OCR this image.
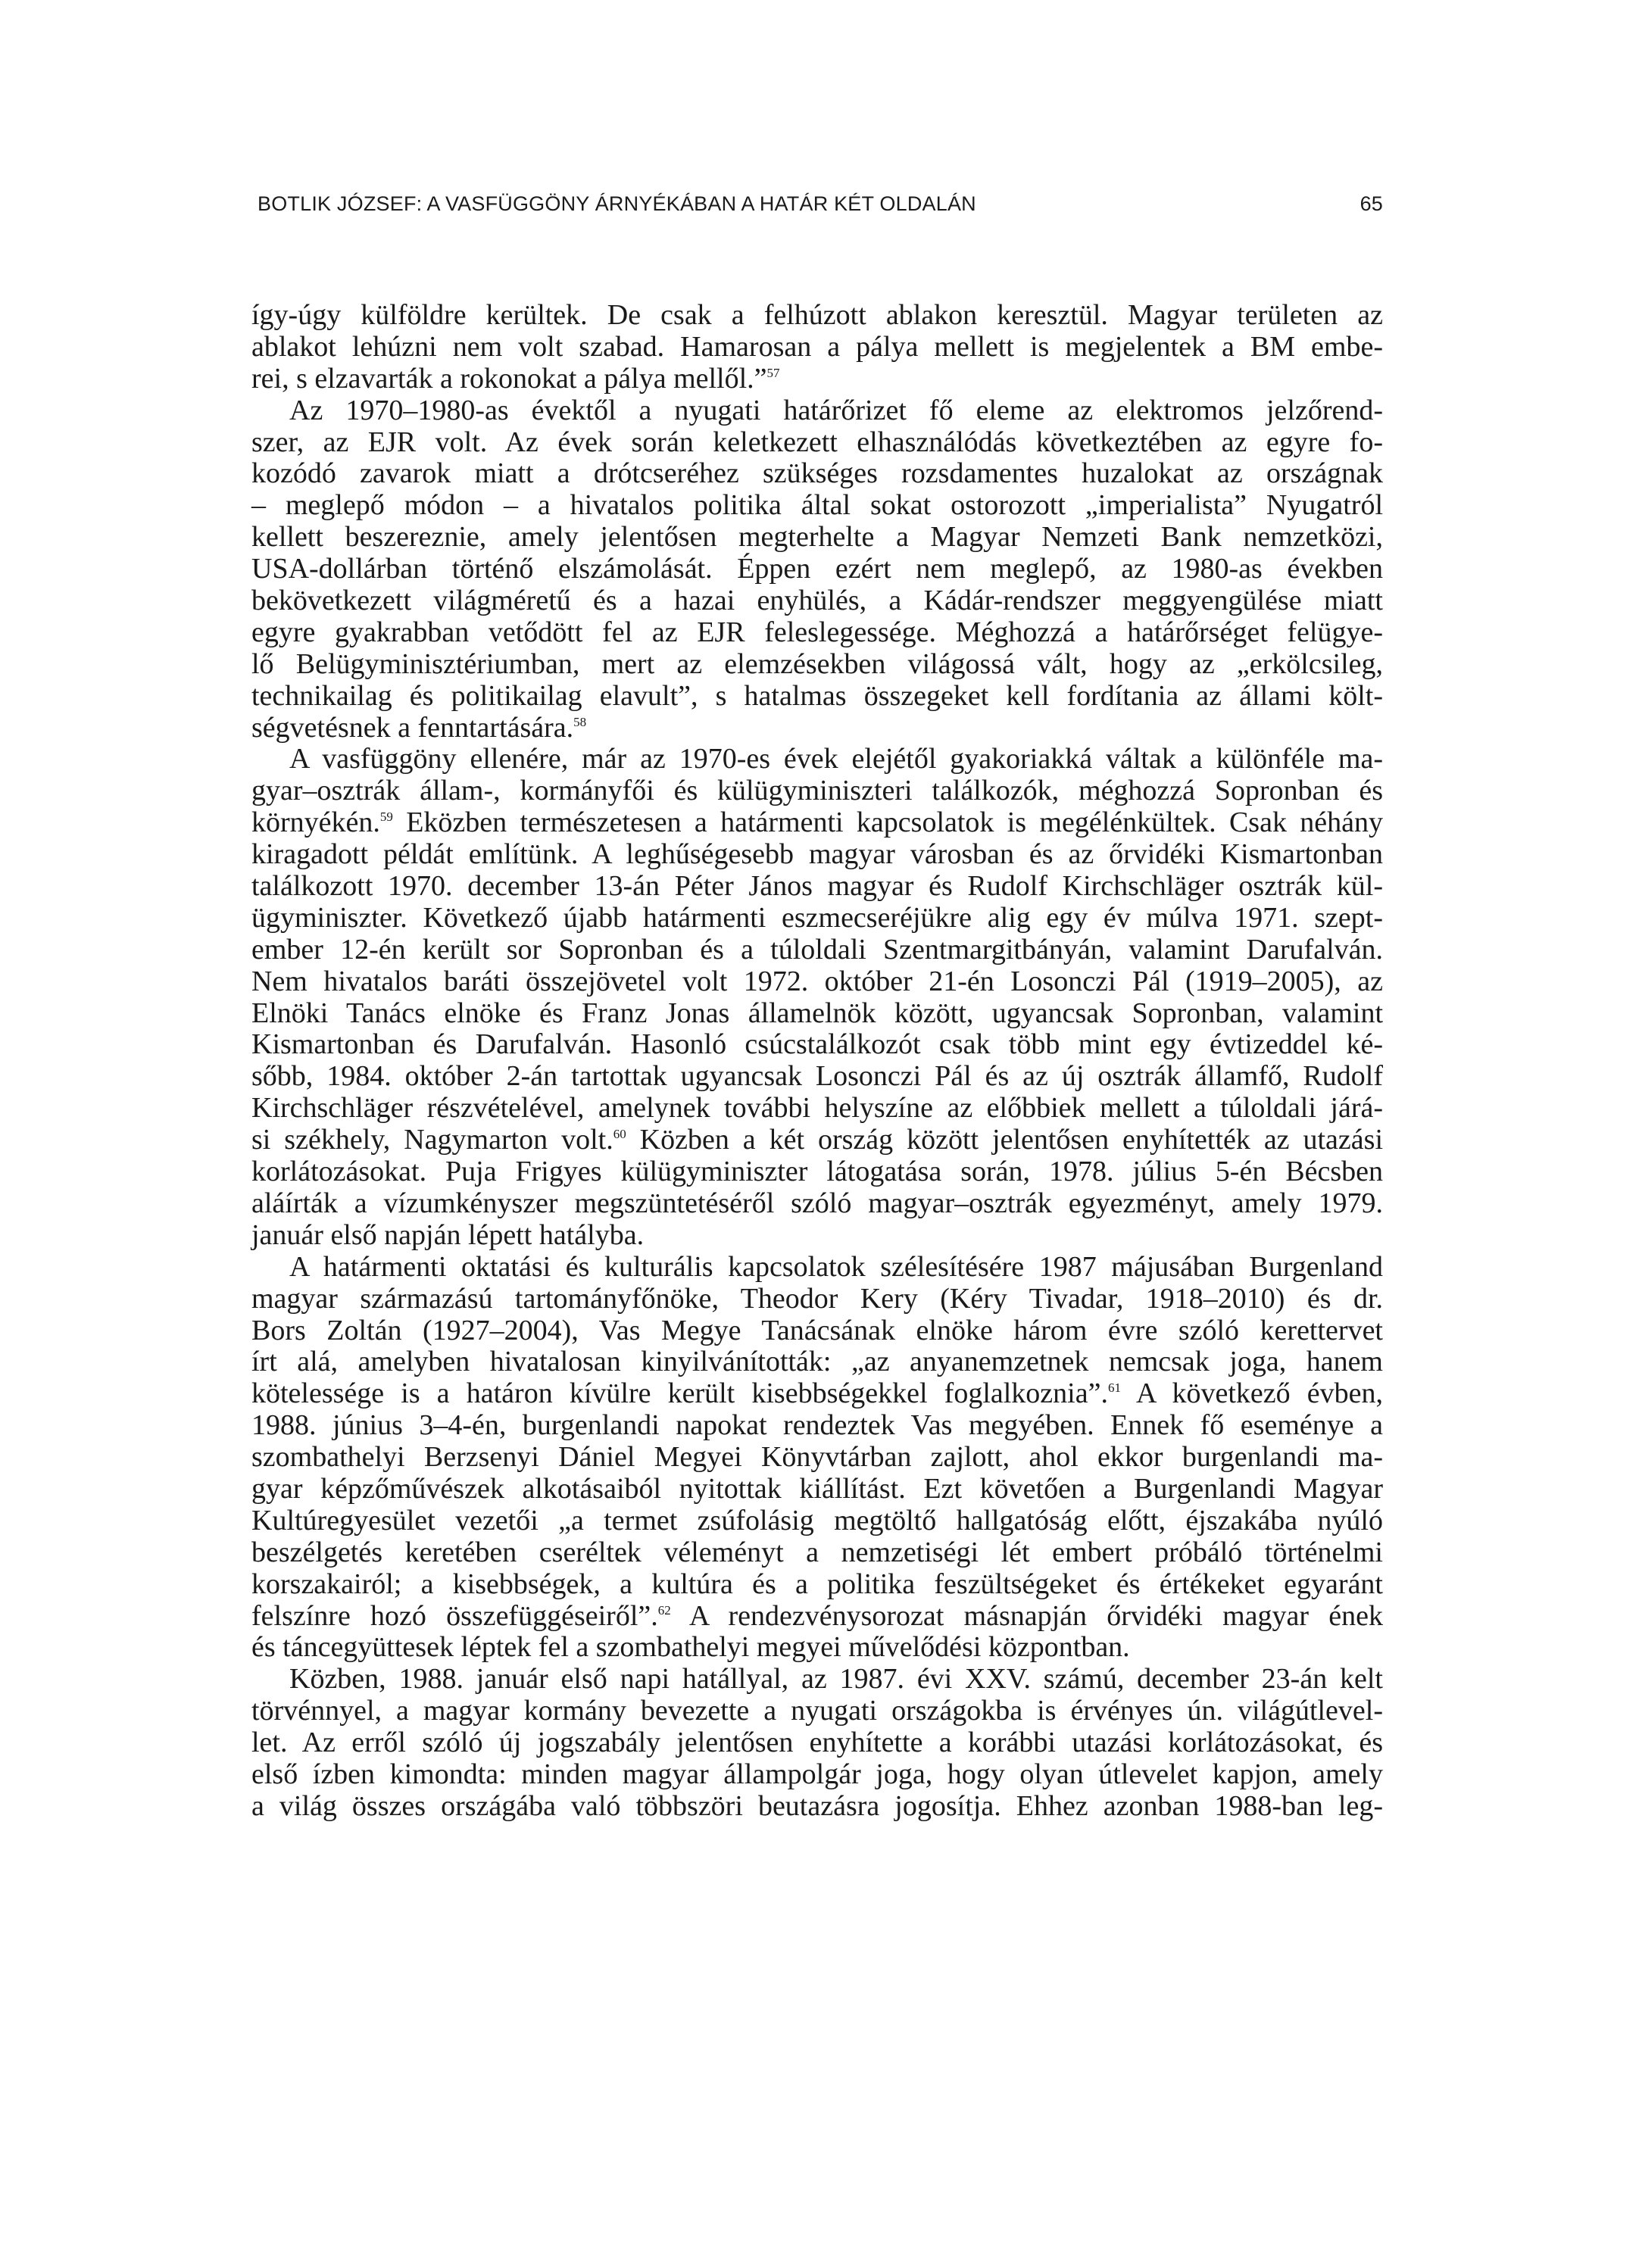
BOTLIK JÓZSEF: A VASFÜGGÖNY ÁRNYÉKÁBAN A HATÁR KÉT OLDALÁN	65

így-úgy külföldre kerültek. De csak a felhúzott ablakon keresztül. Magyar területen az
ablakot lehúzni nem volt szabad. Hamarosan a pálya mellett is megjelentek a BM embe-
rei, s elzavarták a rokonokat a pálya mellől.”$^{57}$

Az 1970–1980-as évektől a nyugati határőrizet fő eleme az elektromos jelzőrend-
szer, az EJR volt. Az évek során keletkezett elhasználódás következtében az egyre fo-
kozódó zavarok miatt a drótcseréhez szükséges rozsdamentes huzalokat az országnak
– meglepő módon – a hivatalos politika által sokat ostorozott „imperialista” Nyugatról
kellett beszereznie, amely jelentősen megterhelte a Magyar Nemzeti Bank nemzetközi,
USA-dollárban történő elszámolását. Éppen ezért nem meglepő, az 1980-as években
bekövetkezett világméretű és a hazai enyhülés, a Kádár-rendszer meggyengülése miatt
egyre gyakrabban vetődött fel az EJR feleslegessége. Méghozzá a határőrséget felügye-
lő Belügyminisztériumban, mert az elemzésekben világossá vált, hogy az „erkölcsileg,
technikailag és politikailag elavult”, s hatalmas összegeket kell fordítania az állami költ-
ségvetésnek a fenntartására.$^{58}$

A vasfüggöny ellenére, már az 1970-es évek elejétől gyakoriakká váltak a különféle ma-
gyar–osztrák állam-, kormányfői és külügyminiszteri találkozók, méghozzá Sopronban és
környékén.$^{59}$ Eközben természetesen a határmenti kapcsolatok is megélénkültek. Csak néhány
kiragadott példát említünk. A leghűségesebb magyar városban és az őrvidéki Kismartonban
találkozott 1970. december 13-án Péter János magyar és Rudolf Kirchschläger osztrák kül-
ügyminiszter. Következő újabb határmenti eszmecseréjükre alig egy év múlva 1971. szept-
ember 12-én került sor Sopronban és a túloldali Szentmargitbányán, valamint Darufalván.
Nem hivatalos baráti összejövetel volt 1972. október 21-én Losonczi Pál (1919–2005), az
Elnöki Tanács elnöke és Franz Jonas államelnök között, ugyancsak Sopronban, valamint
Kismartonban és Darufalván. Hasonló csúcstalálkozót csak több mint egy évtizeddel ké-
sőbb, 1984. október 2-án tartottak ugyancsak Losonczi Pál és az új osztrák államfő, Rudolf
Kirchschläger részvételével, amelynek további helyszíne az előbbiek mellett a túloldali járá-
si székhely, Nagymarton volt.$^{60}$ Közben a két ország között jelentősen enyhítették az utazási
korlátozásokat. Puja Frigyes külügyminiszter látogatása során, 1978. július 5-én Bécsben
aláírták a vízumkényszer megszüntetéséről szóló magyar–osztrák egyezményt, amely 1979.
január első napján lépett hatályba.

A határmenti oktatási és kulturális kapcsolatok szélesítésére 1987 májusában Burgenland
magyar származású tartományfőnöke, Theodor Kery (Kéry Tivadar, 1918–2010) és dr.
Bors Zoltán (1927–2004), Vas Megye Tanácsának elnöke három évre szóló kerettervet
írt alá, amelyben hivatalosan kinyilvánították: „az anyanemzetnek nemcsak joga, hanem
kötelessége is a határon kívülre került kisebbségekkel foglalkoznia”.$^{61}$ A következő évben,
1988. június 3–4-én, burgenlandi napokat rendeztek Vas megyében. Ennek fő eseménye a
szombathelyi Berzsenyi Dániel Megyei Könyvtárban zajlott, ahol ekkor burgenlandi ma-
gyar képzőművészek alkotásaiból nyitottak kiállítást. Ezt követően a Burgenlandi Magyar
Kultúregyesület vezetői „a termet zsúfolásig megtöltő hallgatóság előtt, éjszakába nyúló
beszélgetés keretében cseréltek véleményt a nemzetiségi lét embert próbáló történelmi
korszakairól; a kisebbségek, a kultúra és a politika feszültségeket és értékeket egyaránt
felszínre hozó összefüggéseiről”.$^{62}$ A rendezvénysorozat másnapján őrvidéki magyar ének
és táncegyüttesek léptek fel a szombathelyi megyei művelődési központban.

Közben, 1988. január első napi hatállyal, az 1987. évi XXV. számú, december 23-án kelt
törvénnyel, a magyar kormány bevezette a nyugati országokba is érvényes ún. világútlevel-
let. Az erről szóló új jogszabály jelentősen enyhítette a korábbi utazási korlátozásokat, és
első ízben kimondta: minden magyar állampolgár joga, hogy olyan útlevelet kapjon, amely
a világ összes országába való többszöri beutazásra jogosítja. Ehhez azonban 1988-ban leg-
